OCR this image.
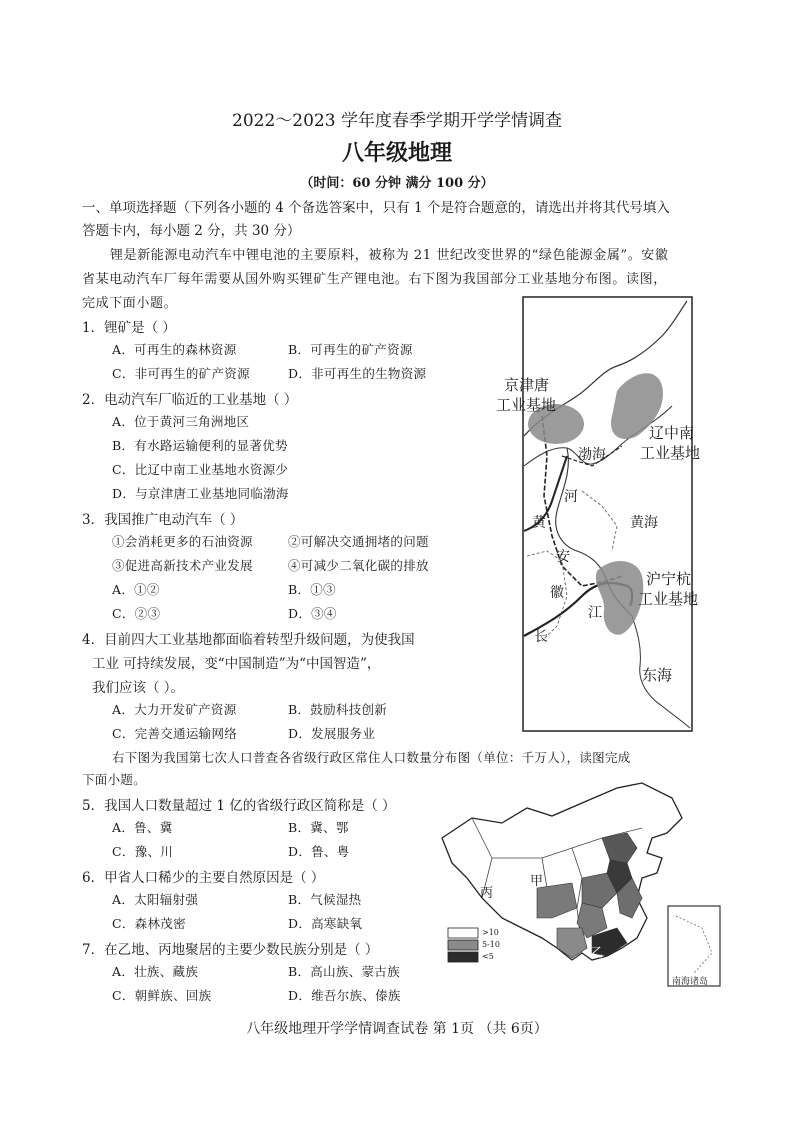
2022～2023 学年度春季学期开学学情调查
八年级地理
（时间：60 分钟 满分 100 分）
一、单项选择题（下列各小题的 4 个备选答案中，只有 1 个是符合题意的，请选出并将其代号填入
答题卡内，每小题 2 分，共 30 分）
锂是新能源电动汽车中锂电池的主要原料，被称为 21 世纪改变世界的“绿色能源金属”。安徽
省某电动汽车厂每年需要从国外购买锂矿生产锂电池。右下图为我国部分工业基地分布图。读图，
完成下面小题。
1．锂矿是（ ）
A．可再生的森林资源	B．可再生的矿产资源
C．非可再生的矿产资源	D．非可再生的生物资源
2．电动汽车厂临近的工业基地（ ）
A．位于黄河三角洲地区
B．有水路运输便利的显著优势
C．比辽中南工业基地水资源少
D．与京津唐工业基地同临渤海
3．我国推广电动汽车（ ）
①会消耗更多的石油资源	②可解决交通拥堵的问题
③促进高新技术产业发展	④可减少二氧化碳的排放
A．①②	B．①③
C．②③	D．③④
4．目前四大工业基地都面临着转型升级问题，为使我国
工业 可持续发展，变“中国制造”为“中国智造”，
我们应该（ ）。
A．大力开发矿产资源	B．鼓励科技创新
C．完善交通运输网络	D．发展服务业
右下图为我国第七次人口普查各省级行政区常住人口数量分布图（单位：千万人），读图完成
下面小题。
5．我国人口数量超过 1 亿的省级行政区简称是（ ）
A．鲁、冀	B．冀、鄂
C．豫、川	D．鲁、粤
6．甲省人口稀少的主要自然原因是（ ）
A．太阳辐射强	B．气候湿热
C．森林茂密	D．高寒缺氧
7．在乙地、丙地聚居的主要少数民族分别是（ ）
A．壮族、藏族	B．高山族、蒙古族
C．朝鲜族、回族	D．维吾尔族、傣族
京津唐
工业基地
辽中南
工业基地
渤海
河
黄	黄海
安
徽
沪宁杭
工业基地
江
长
东海
丙
甲
乙
>10
5-10
<5
南海诸岛
八年级地理开学学情调查试卷 第 1页 （共 6页）
